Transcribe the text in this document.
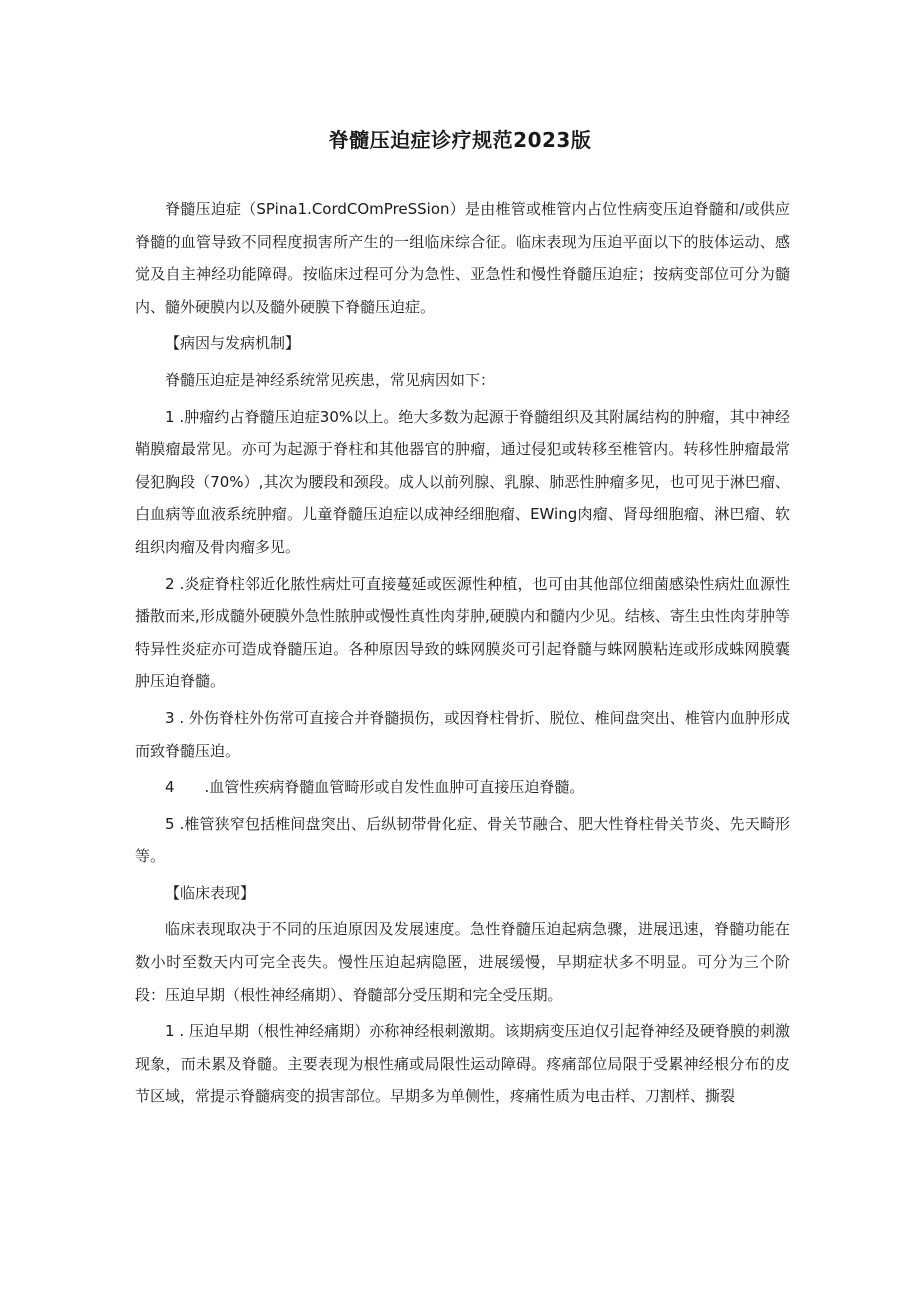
脊髓压迫症诊疗规范2023版

脊髓压迫症（SPina1.CordCOmPreSSion）是由椎管或椎管内占位性病变压迫脊髓和/或供应脊髓的血管导致不同程度损害所产生的一组临床综合征。临床表现为压迫平面以下的肢体运动、感觉及自主神经功能障碍。按临床过程可分为急性、亚急性和慢性脊髓压迫症；按病变部位可分为髓内、髓外硬膜内以及髓外硬膜下脊髓压迫症。

【病因与发病机制】

脊髓压迫症是神经系统常见疾患，常见病因如下：

1 .肿瘤约占脊髓压迫症30%以上。绝大多数为起源于脊髓组织及其附属结构的肿瘤，其中神经鞘膜瘤最常见。亦可为起源于脊柱和其他器官的肿瘤，通过侵犯或转移至椎管内。转移性肿瘤最常侵犯胸段（70%）,其次为腰段和颈段。成人以前列腺、乳腺、肺恶性肿瘤多见，也可见于淋巴瘤、白血病等血液系统肿瘤。儿童脊髓压迫症以成神经细胞瘤、EWing肉瘤、肾母细胞瘤、淋巴瘤、软组织肉瘤及骨肉瘤多见。

2 .炎症脊柱邻近化脓性病灶可直接蔓延或医源性种植，也可由其他部位细菌感染性病灶血源性播散而来,形成髓外硬膜外急性脓肿或慢性真性肉芽肿,硬膜内和髓内少见。结核、寄生虫性肉芽肿等特异性炎症亦可造成脊髓压迫。各种原因导致的蛛网膜炎可引起脊髓与蛛网膜粘连或形成蛛网膜囊肿压迫脊髓。

3 . 外伤脊柱外伤常可直接合并脊髓损伤，或因脊柱骨折、脱位、椎间盘突出、椎管内血肿形成而致脊髓压迫。

4　　.血管性疾病脊髓血管畸形或自发性血肿可直接压迫脊髓。

5 .椎管狭窄包括椎间盘突出、后纵韧带骨化症、骨关节融合、肥大性脊柱骨关节炎、先天畸形等。

【临床表现】

临床表现取决于不同的压迫原因及发展速度。急性脊髓压迫起病急骤，进展迅速，脊髓功能在数小时至数天内可完全丧失。慢性压迫起病隐匿，进展缓慢，早期症状多不明显。可分为三个阶段：压迫早期（根性神经痛期）、脊髓部分受压期和完全受压期。

1 . 压迫早期（根性神经痛期）亦称神经根刺激期。该期病变压迫仅引起脊神经及硬脊膜的刺激现象，而未累及脊髓。主要表现为根性痛或局限性运动障碍。疼痛部位局限于受累神经根分布的皮节区域，常提示脊髓病变的损害部位。早期多为单侧性，疼痛性质为电击样、刀割样、撕裂
